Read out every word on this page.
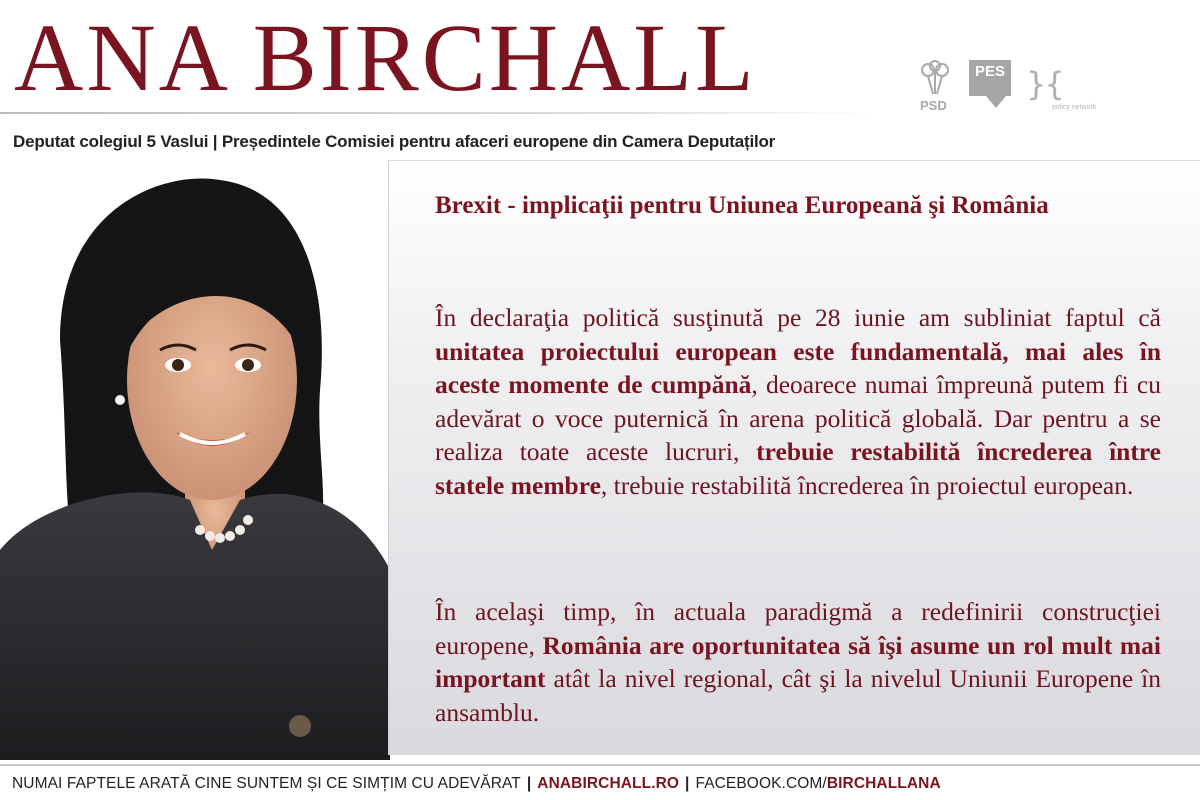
ANA BIRCHALL	PSD
PES }{
policy network
Deputat colegiul 5 Vaslui | Președintele Comisiei pentru afaceri europene din Camera Deputaților
Brexit - implicaţii pentru Uniunea Europeană şi România

În declaraţia politică susţinută pe 28 iunie am subliniat faptul că unitatea proiectului european este fundamentală, mai ales în aceste momente de cumpănă, deoarece numai împreună putem fi cu adevărat o voce puternică în arena politică globală. Dar pentru a se realiza toate aceste lucruri, trebuie restabilită încrederea între statele membre, trebuie restabilită încrederea în proiectul european.

În acelaşi timp, în actuala paradigmă a redefinirii construcţiei europene, România are oportunitatea să îşi asume un rol mult mai important atât la nivel regional, cât şi la nivelul Uniunii Europene în ansamblu.

NUMAI FAPTELE ARATĂ CINE SUNTEM ȘI CE SIMȚIM CU ADEVĂRAT | ANABIRCHALL.RO | FACEBOOK.COM/BIRCHALLANA
